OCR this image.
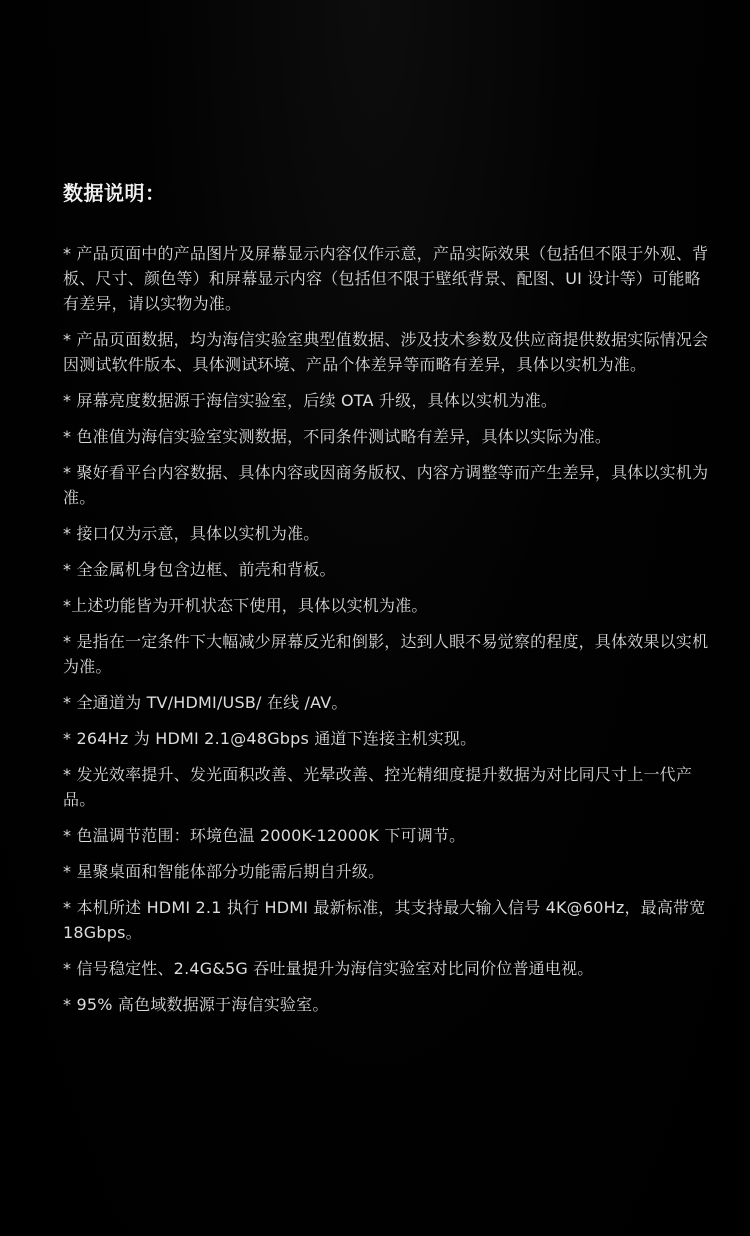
数据说明：
* 产品页面中的产品图片及屏幕显示内容仅作示意，产品实际效果（包括但不限于外观、背板、尺寸、颜色等）和屏幕显示内容（包括但不限于壁纸背景、配图、UI 设计等）可能略有差异，请以实物为准。
* 产品页面数据，均为海信实验室典型值数据、涉及技术参数及供应商提供数据实际情况会因测试软件版本、具体测试环境、产品个体差异等而略有差异，具体以实机为准。
* 屏幕亮度数据源于海信实验室，后续 OTA 升级，具体以实机为准。
* 色准值为海信实验室实测数据，不同条件测试略有差异，具体以实际为准。
* 聚好看平台内容数据、具体内容或因商务版权、内容方调整等而产生差异，具体以实机为准。
* 接口仅为示意，具体以实机为准。
* 全金属机身包含边框、前壳和背板。
*上述功能皆为开机状态下使用，具体以实机为准。
* 是指在一定条件下大幅减少屏幕反光和倒影，达到人眼不易觉察的程度，具体效果以实机为准。
* 全通道为 TV/HDMI/USB/ 在线 /AV。
* 264Hz 为 HDMI 2.1@48Gbps 通道下连接主机实现。
* 发光效率提升、发光面积改善、光晕改善、控光精细度提升数据为对比同尺寸上一代产品。
* 色温调节范围：环境色温 2000K-12000K 下可调节。
* 星聚桌面和智能体部分功能需后期自升级。
* 本机所述 HDMI 2.1 执行 HDMI 最新标准，其支持最大输入信号 4K@60Hz，最高带宽 18Gbps。
* 信号稳定性、2.4G&5G 吞吐量提升为海信实验室对比同价位普通电视。
* 95% 高色域数据源于海信实验室。
